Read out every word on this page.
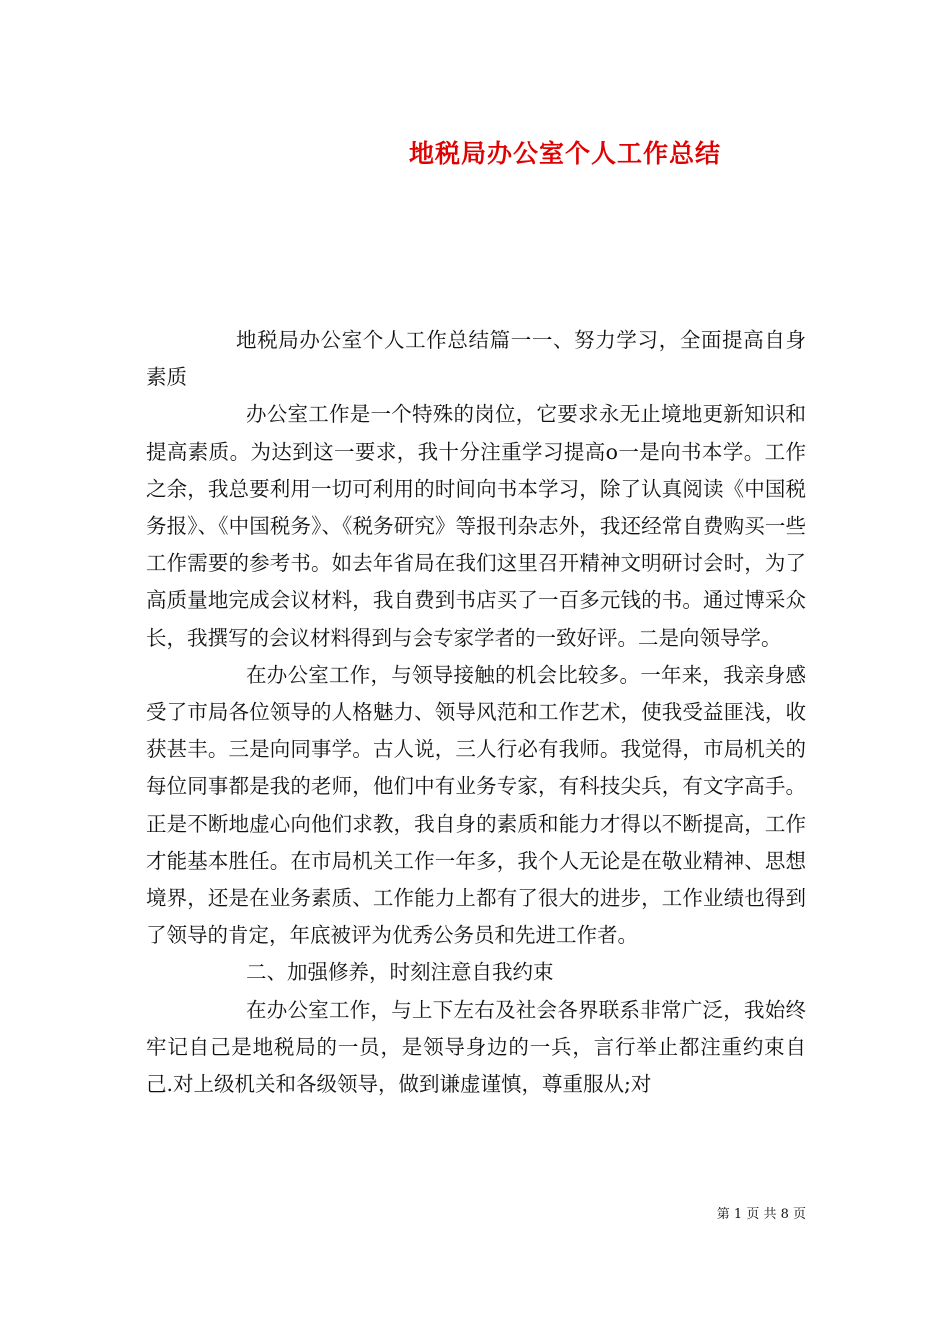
地税局办公室个人工作总结

地税局办公室个人工作总结篇一一、努力学习，全面提高自身素质

办公室工作是一个特殊的岗位，它要求永无止境地更新知识和提高素质。为达到这一要求，我十分注重学习提高ο一是向书本学。工作之余，我总要利用一切可利用的时间向书本学习，除了认真阅读《中国税务报》、《中国税务》、《税务研究》等报刊杂志外，我还经常自费购买一些工作需要的参考书。如去年省局在我们这里召开精神文明研讨会时，为了高质量地完成会议材料，我自费到书店买了一百多元钱的书。通过博采众长，我撰写的会议材料得到与会专家学者的一致好评。二是向领导学。

在办公室工作，与领导接触的机会比较多。一年来，我亲身感受了市局各位领导的人格魅力、领导风范和工作艺术，使我受益匪浅，收获甚丰。三是向同事学。古人说，三人行必有我师。我觉得，市局机关的每位同事都是我的老师，他们中有业务专家，有科技尖兵，有文字高手。正是不断地虚心向他们求教，我自身的素质和能力才得以不断提高，工作才能基本胜任。在市局机关工作一年多，我个人无论是在敬业精神、思想境界，还是在业务素质、工作能力上都有了很大的进步，工作业绩也得到了领导的肯定，年底被评为优秀公务员和先进工作者。

二、加强修养，时刻注意自我约束

在办公室工作，与上下左右及社会各界联系非常广泛，我始终牢记自己是地税局的一员，是领导身边的一兵，言行举止都注重约束自己.对上级机关和各级领导，做到谦虚谨慎，尊重服从;对

第 1 页 共 8 页
